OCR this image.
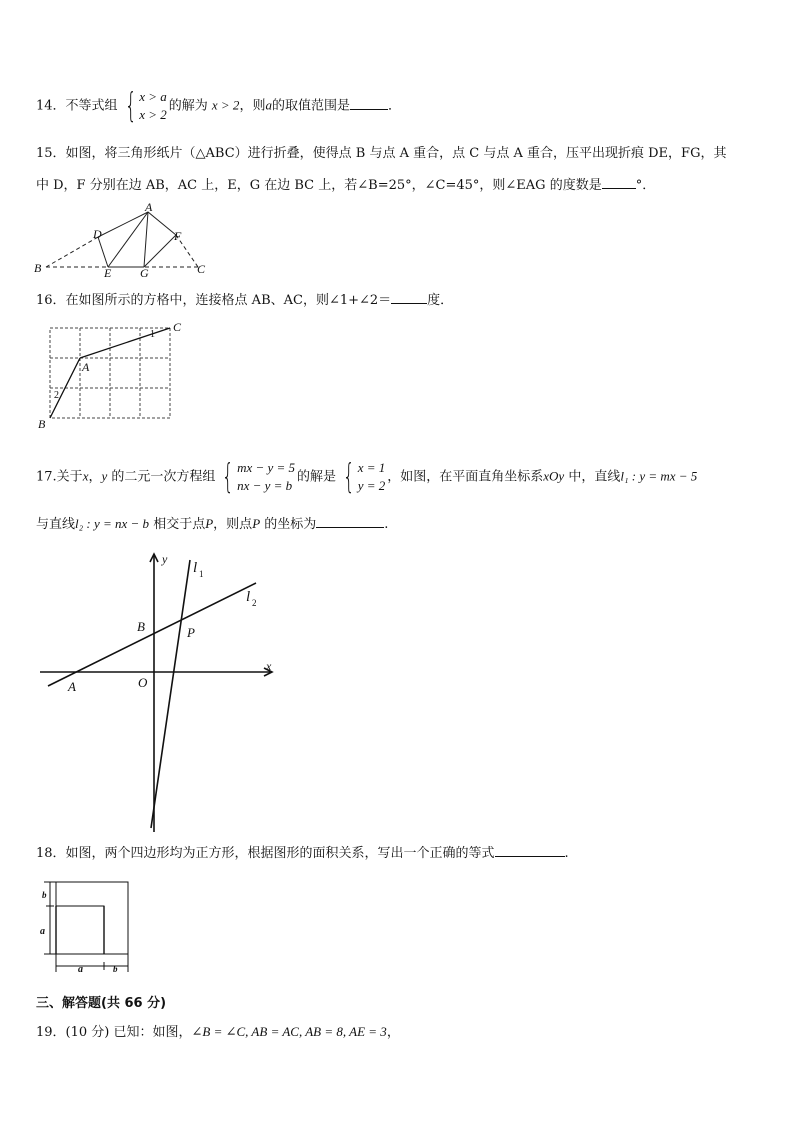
14．不等式组 { x > a
x > 2
的解为 x > 2，则a的取值范围是	．
15．如图，将三角形纸片（△ABC）进行折叠，使得点 B 与点 A 重合，点 C 与点 A 重合，压平出现折痕 DE，FG，其
中 D，F 分别在边 AB，AC 上，E，G 在边 BC 上，若∠B=25°，∠C=45°，则∠EAG 的度数是	°．
A
B	C
D
E
F
G
16．在如图所示的方格中，连接格点 AB、AC，则∠1+∠2＝	度．
A
B
C
1
2
17.关于x，y 的二元一次方程组 { mx − y = 5
nx − y = b
的解是 { x = 1
y = 2
，如图，在平面直角坐标系xOy 中，直线l₁ : y = mx − 5
与直线l₂ : y = nx − b 相交于点P，则点P 的坐标为	.
y
x
l 1
l 2
A
B
O
P
18．如图，两个四边形均为正方形，根据图形的面积关系，写出一个正确的等式	.
b
a
a	b
三、解答题(共 66 分)
19．(10 分) 已知：如图，∠B = ∠C, AB = AC, AB = 8, AE = 3，
